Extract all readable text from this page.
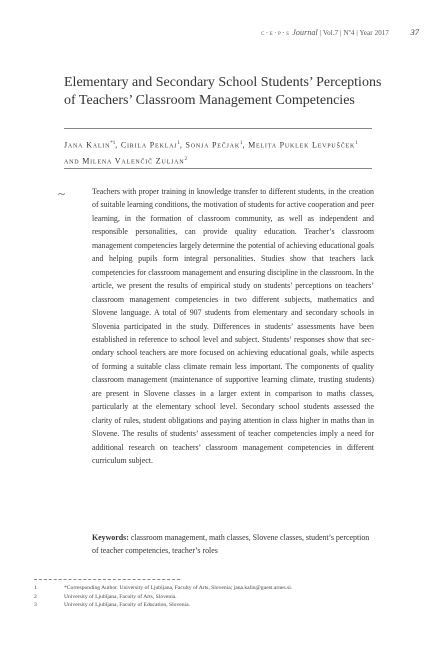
c·e·p·s Journal | Vol.7 | Nº4 | Year 2017	37
Elementary and Secondary School Students’ Perceptions of Teachers’ Classroom Management Competencies
Jana Kalin$^{*1}$, Cirila Peklaj$^1$, Sonja Pečjak$^1$, Melita Puklek Levpušček$^1$
and Milena Valenčič Zuljan$^2$
~	Teachers with proper training in knowledge transfer to different students, in the creation of suitable learning conditions, the motivation of students for active cooperation and peer learning, in the formation of classroom community, as well as independent and responsible personalities, can provide quality education. Teacher’s classroom management competencies largely determine the potential of achieving educational goals and helping pupils form integral personalities. Studies show that teachers lack competencies for classroom management and ensuring discipline in the classroom. In the article, we present the results of empirical study on students’ perceptions on teachers’ classroom management competencies in two different subjects, mathematics and Slovene language. A total of 907 students from elementary and secondary schools in Slovenia participated in the study. Differences in students’ assessments have been established in reference to school level and subject. Students’ responses show that secondary school teachers are more focused on achieving educational goals, while aspects of forming a suitable class climate remain less important. The components of quality classroom management (maintenance of supportive learning climate, trusting students) are present in Slovene classes in a larger extent in comparison to maths classes, particularly at the elementary school level. Secondary school students assessed the clarity of rules, student obligations and paying attention in class higher in maths than in Slovene. The results of students’ assessment of teacher competencies imply a need for additional research on teachers’ classroom management competencies in different curriculum subject.

Keywords: classroom management, math classes, Slovene classes, student’s perception of teacher competencies, teacher’s roles

1	*Corresponding Author. University of Ljubljana, Faculty of Arts, Slovenia; jana.kalin@guest.arnes.si.
2	University of Ljubljana, Faculty of Arts, Slovenia.
3	University of Ljubljana, Faculty of Education, Slovenia.
